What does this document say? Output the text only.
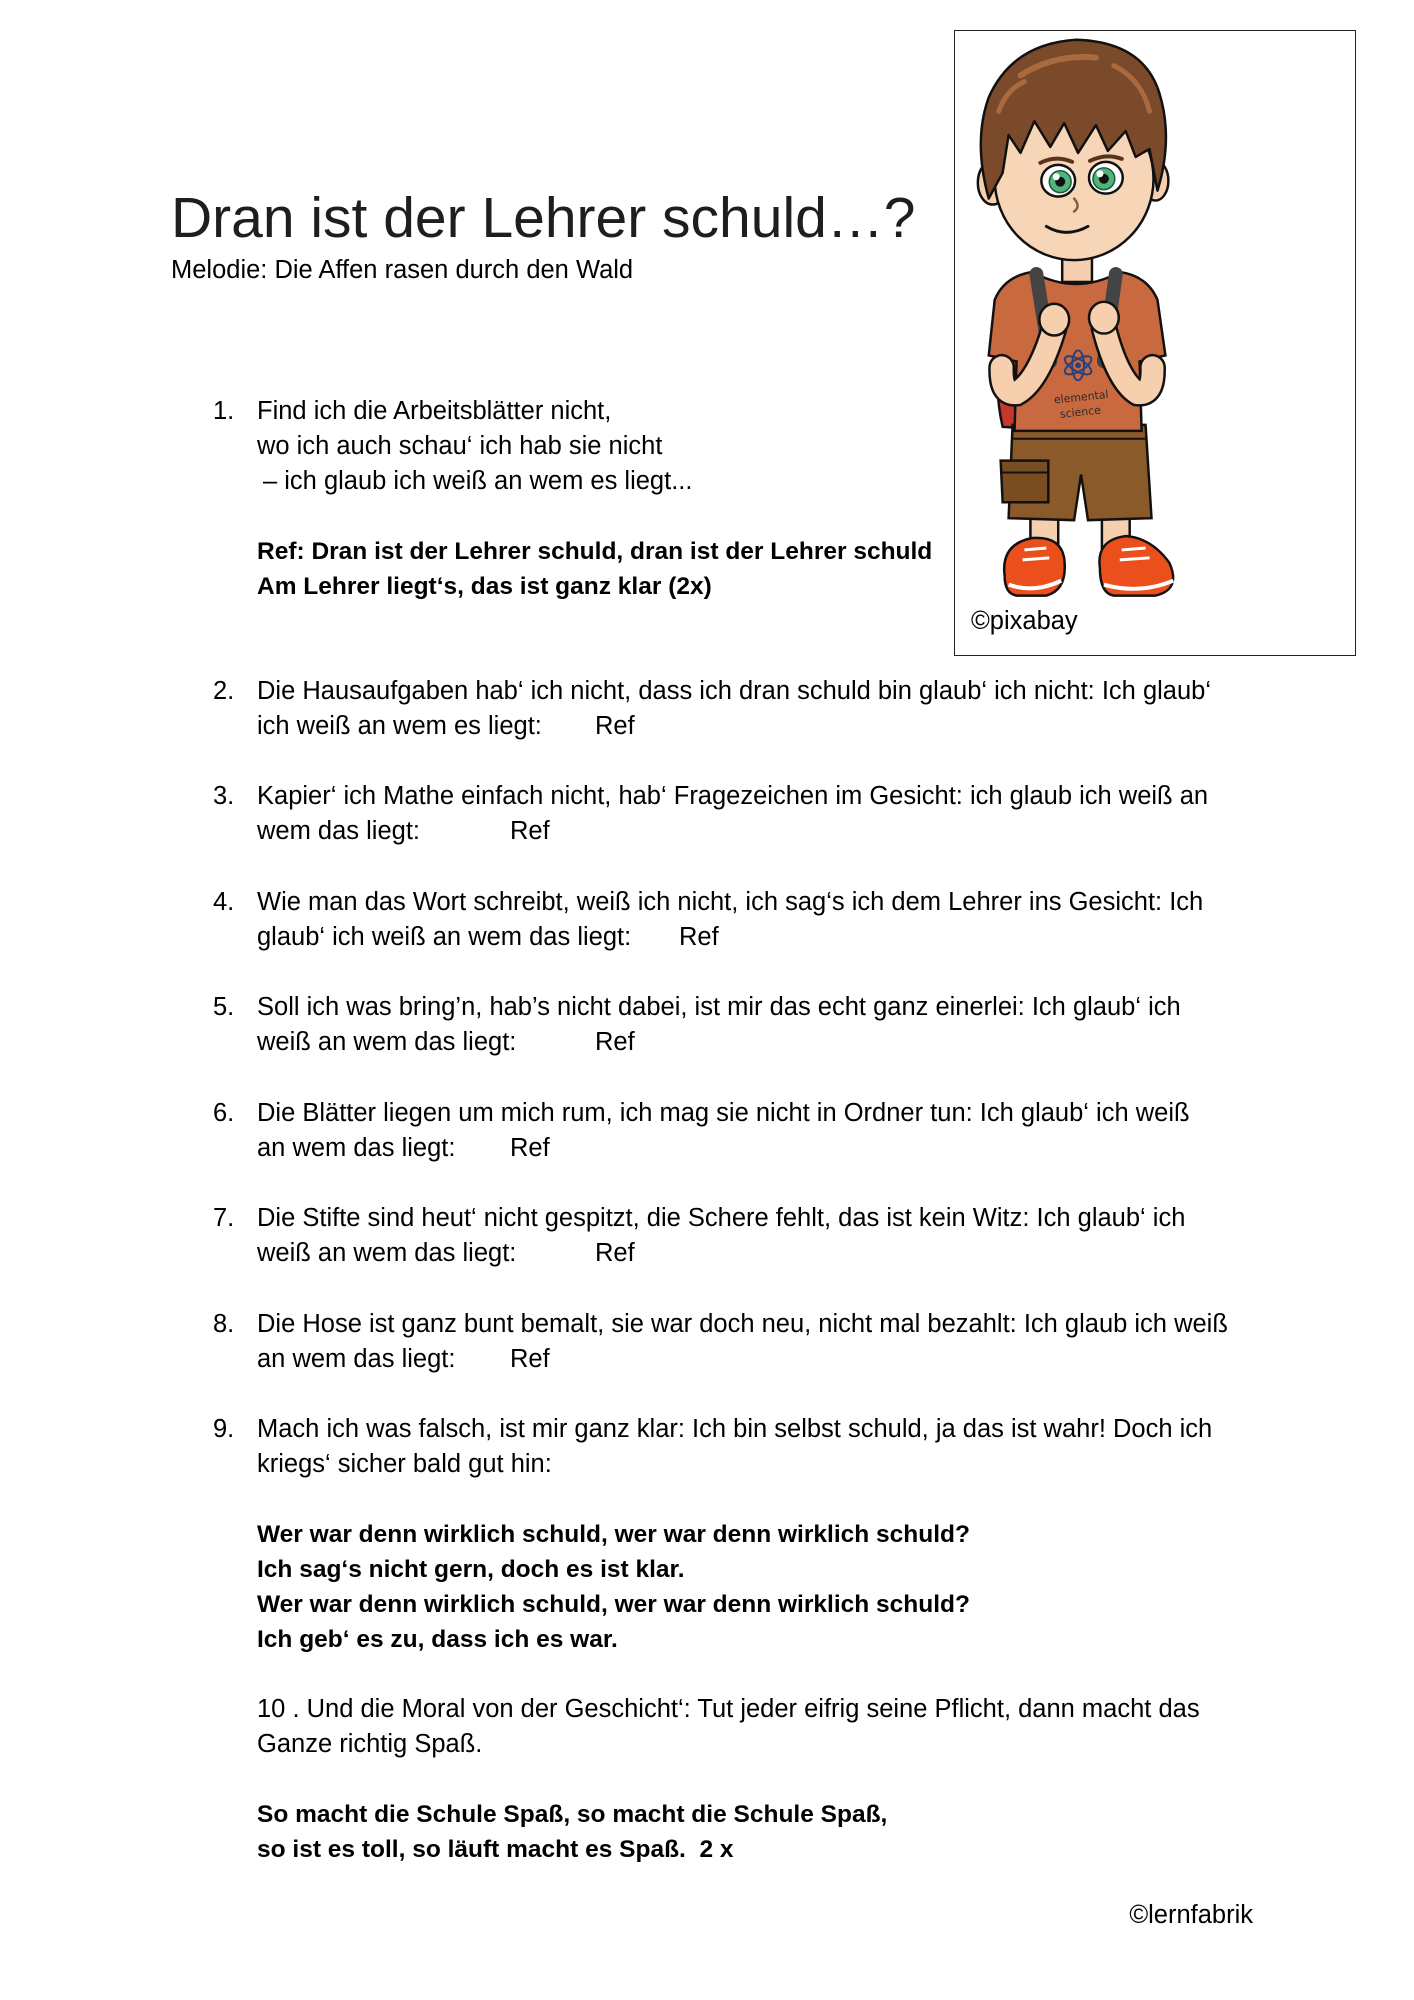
Dran ist der Lehrer schuld…?
Melodie: Die Affen rasen durch den Wald
elemental
science
©pixabay
1. Find ich die Arbeitsblätter nicht,
wo ich auch schau‘ ich hab sie nicht
– ich glaub ich weiß an wem es liegt...
Ref: Dran ist der Lehrer schuld, dran ist der Lehrer schuld
Am Lehrer liegt‘s, das ist ganz klar (2x)
2. Die Hausaufgaben hab‘ ich nicht, dass ich dran schuld bin glaub‘ ich nicht: Ich glaub‘
ich weiß an wem es liegt: Ref
3. Kapier‘ ich Mathe einfach nicht, hab‘ Fragezeichen im Gesicht: ich glaub ich weiß an
wem das liegt:	Ref
4. Wie man das Wort schreibt, weiß ich nicht, ich sag‘s ich dem Lehrer ins Gesicht: Ich
glaub‘ ich weiß an wem das liegt: Ref
5. Soll ich was bring’n, hab’s nicht dabei, ist mir das echt ganz einerlei: Ich glaub‘ ich
weiß an wem das liegt:	Ref
6. Die Blätter liegen um mich rum, ich mag sie nicht in Ordner tun: Ich glaub‘ ich weiß
an wem das liegt: Ref
7. Die Stifte sind heut‘ nicht gespitzt, die Schere fehlt, das ist kein Witz: Ich glaub‘ ich
weiß an wem das liegt:	Ref
8. Die Hose ist ganz bunt bemalt, sie war doch neu, nicht mal bezahlt: Ich glaub ich weiß
an wem das liegt: Ref
9. Mach ich was falsch, ist mir ganz klar: Ich bin selbst schuld, ja das ist wahr! Doch ich
kriegs‘ sicher bald gut hin:
Wer war denn wirklich schuld, wer war denn wirklich schuld?
Ich sag‘s nicht gern, doch es ist klar.
Wer war denn wirklich schuld, wer war denn wirklich schuld?
Ich geb‘ es zu, dass ich es war.
10 . Und die Moral von der Geschicht‘: Tut jeder eifrig seine Pflicht, dann macht das
Ganze richtig Spaß.
So macht die Schule Spaß, so macht die Schule Spaß,
so ist es toll, so läuft macht es Spaß.  2 x
©lernfabrik
